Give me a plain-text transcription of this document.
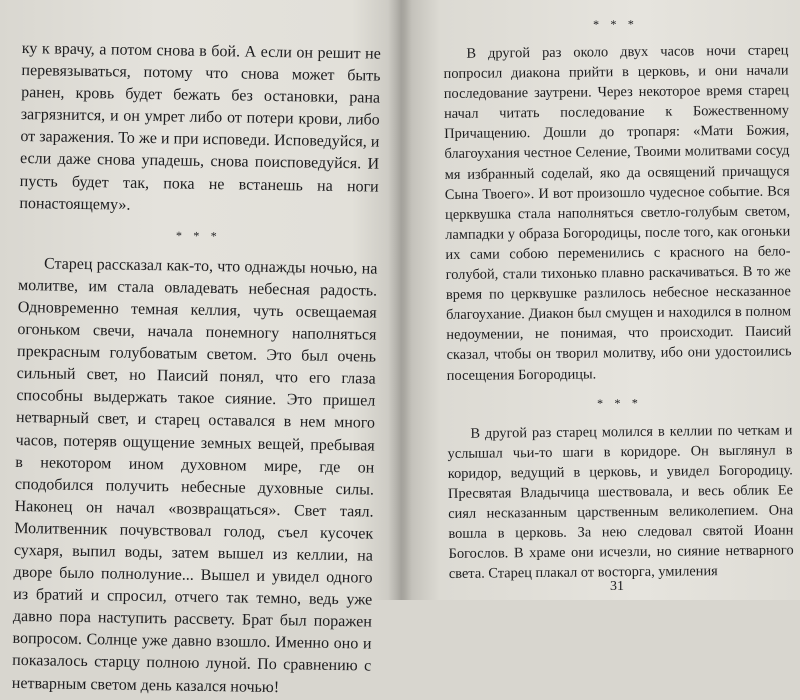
ку к врачу, а потом снова в бой. А если он решит не перевязываться, потому что снова может быть ранен, кровь будет бежать без остановки, рана загрязнится, и он умрет либо от потери крови, либо от заражения. То же и при исповеди. Исповедуйся, и если даже снова упадешь, снова поисповедуйся. И пусть будет так, пока не встанешь на ноги понастоящему».

* * *

Старец рассказал как-то, что однажды ночью, на молитве, им стала овладевать небесная радость. Одновременно темная келлия, чуть освещаемая огоньком свечи, начала понемногу наполняться прекрасным голубоватым светом. Это был очень сильный свет, но Паисий понял, что его глаза способны выдержать такое сияние. Это пришел нетварный свет, и старец оставался в нем много часов, потеряв ощущение земных вещей, пребывая в некотором ином духовном мире, где он сподобился получить небесные духовные силы. Наконец он начал «возвращаться». Свет таял. Молитвенник почувствовал голод, съел кусочек сухаря, выпил воды, затем вышел из келлии, на дворе было полнолуние... Вышел и увидел одного из братий и спросил, отчего так темно, ведь уже давно пора наступить рассвету. Брат был поражен вопросом. Солнце уже давно взошло. Именно оно и показалось старцу полною луной. По сравнению с нетварным светом день казался ночью!

* * *

В другой раз около двух часов ночи старец попросил диакона прийти в церковь, и они начали последование заутрени. Через некоторое время старец начал читать последование к Божественному Причащению. Дошли до тропаря: «Мати Божия, благоухания честное Селение, Твоими молитвами сосуд мя избранный соделай, яко да освящений причащуся Сына Твоего». И вот произошло чудесное событие. Вся церквушка стала наполняться светло-голубым светом, лампадки у образа Богородицы, после того, как огоньки их сами собою переменились с красного на бело-голубой, стали тихонько плавно раскачиваться. В то же время по церквушке разлилось небесное несказанное благоухание. Диакон был смущен и находился в полном недоумении, не понимая, что происходит. Паисий сказал, чтобы он творил молитву, ибо они удостоились посещения Богородицы.

* * *

В другой раз старец молился в келлии по четкам и услышал чьи-то шаги в коридоре. Он выглянул в коридор, ведущий в церковь, и увидел Богородицу. Пресвятая Владычица шествовала, и весь облик Ее сиял несказанным царственным великолепием. Она вошла в церковь. За нею следовал святой Иоанн Богослов. В храме они исчезли, но сияние нетварного света. Старец плакал от восторга, умиления

31
